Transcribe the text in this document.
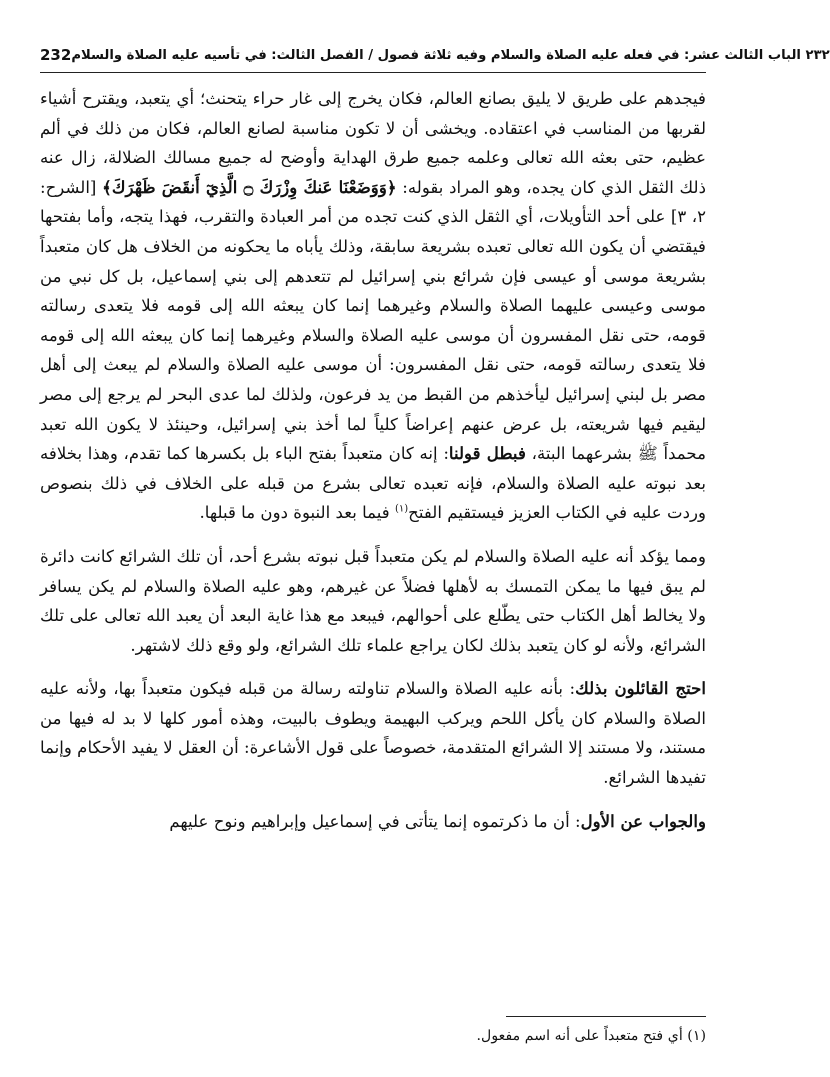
232 ٢٣٢ الباب الثالث عشر: في فعله عليه الصلاة والسلام وفيه ثلاثة فصول / الفصل الثالث: في تأسيه عليه الصلاة والسلام

فيجدهم على طريق لا يليق بصانع العالم، فكان يخرج إلى غار حراء يتحنث؛ أي يتعبد، ويقترح أشياء لقربها من المناسب في اعتقاده. ويخشى أن لا تكون مناسبة لصانع العالم، فكان من ذلك في ألم عظيم، حتى بعثه الله تعالى وعلمه جميع طرق الهداية وأوضح له جميع مسالك الضلالة، زال عنه ذلك الثقل الذي كان يجده، وهو المراد بقوله: ﴿وَوَضَعْنَا عَنكَ وِزْرَكَ ۝ الَّذِيٓ أَنقَضَ ظَهْرَكَ﴾ [الشرح: ٢، ٣] على أحد التأويلات، أي الثقل الذي كنت تجده من أمر العبادة والتقرب، فهذا يتجه، وأما بفتحها فيقتضي أن يكون الله تعالى تعبده بشريعة سابقة، وذلك يأباه ما يحكونه من الخلاف هل كان متعبداً بشريعة موسى أو عيسى فإن شرائع بني إسرائيل لم تتعدهم إلى بني إسماعيل، بل كل نبي من موسى وعيسى عليهما الصلاة والسلام وغيرهما إنما كان يبعثه الله إلى قومه فلا يتعدى رسالته قومه، حتى نقل المفسرون أن موسى عليه الصلاة والسلام وغيرهما إنما كان يبعثه الله إلى قومه فلا يتعدى رسالته قومه، حتى نقل المفسرون: أن موسى عليه الصلاة والسلام لم يبعث إلى أهل مصر بل لبني إسرائيل ليأخذهم من القبط من يد فرعون، ولذلك لما عدى البحر لم يرجع إلى مصر ليقيم فيها شريعته، بل عرض عنهم إعراضاً كلياً لما أخذ بني إسرائيل، وحينئذ لا يكون الله تعبد محمداً ﷺ بشرعهما البتة، فبطل قولنا: إنه كان متعبداً بفتح الباء بل بكسرها كما تقدم، وهذا بخلافه بعد نبوته عليه الصلاة والسلام، فإنه تعبده تعالى بشرع من قبله على الخلاف في ذلك بنصوص وردت عليه في الكتاب العزيز فيستقيم الفتح$^{(١)}$ فيما بعد النبوة دون ما قبلها.

ومما يؤكد أنه عليه الصلاة والسلام لم يكن متعبداً قبل نبوته بشرع أحد، أن تلك الشرائع كانت دائرة لم يبق فيها ما يمكن التمسك به لأهلها فضلاً عن غيرهم، وهو عليه الصلاة والسلام لم يكن يسافر ولا يخالط أهل الكتاب حتى يطّلع على أحوالهم، فيبعد مع هذا غاية البعد أن يعبد الله تعالى على تلك الشرائع، ولأنه لو كان يتعبد بذلك لكان يراجع علماء تلك الشرائع، ولو وقع ذلك لاشتهر.

احتج القائلون بذلك: بأنه عليه الصلاة والسلام تناولته رسالة من قبله فيكون متعبداً بها، ولأنه عليه الصلاة والسلام كان يأكل اللحم ويركب البهيمة ويطوف بالبيت، وهذه أمور كلها لا بد له فيها من مستند، ولا مستند إلا الشرائع المتقدمة، خصوصاً على قول الأشاعرة: أن العقل لا يفيد الأحكام وإنما تفيدها الشرائع.

والجواب عن الأول: أن ما ذكرتموه إنما يتأتى في إسماعيل وإبراهيم ونوح عليهم

(١) أي فتح متعبداً على أنه اسم مفعول.
